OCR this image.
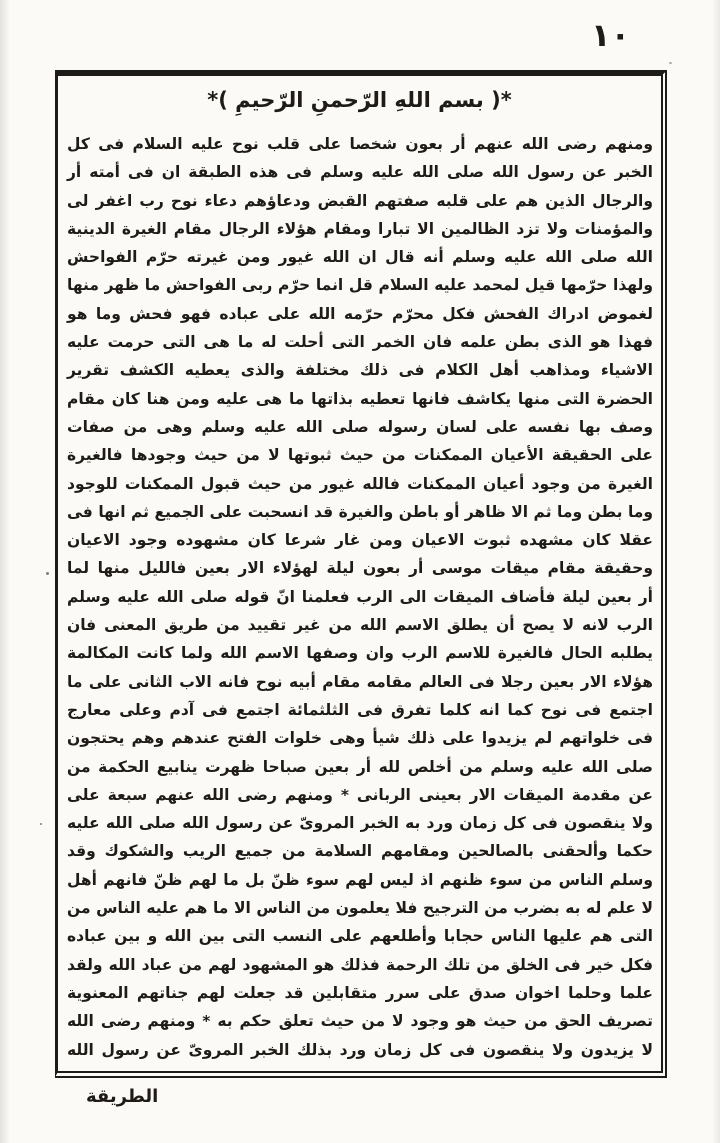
١٠
*( بسم اللهِ الرّحمنِ الرّحيمِ )*
ومنهم رضى الله عنهم أر بعون شخصا على قلب نوح عليه السلام فى كل
الخبر عن رسول الله صلى الله عليه وسلم فى هذه الطبقة ان فى أمته أر
والرجال الذين هم على قلبه صفتهم القبض ودعاؤهم دعاء نوح رب اغفر لى
والمؤمنات ولا تزد الظالمين الا تبارا ومقام هؤلاء الرجال مقام الغيرة الدينية
الله صلى الله عليه وسلم أنه قال ان الله غيور ومن غيرته حرّم الفواحش
ولهذا حرّمها قيل لمحمد عليه السلام قل انما حرّم ربى الفواحش ما ظهر منها
لغموض ادراك الفحش فكل محرّم حرّمه الله على عباده فهو فحش وما هو
فهذا هو الذى بطن علمه فان الخمر التى أحلت له ما هى التى حرمت عليه
الاشياء ومذاهب أهل الكلام فى ذلك مختلفة والذى يعطيه الكشف تقرير
الحضرة التى منها يكاشف فانها تعطيه بذاتها ما هى عليه ومن هنا كان مقام
وصف بها نفسه على لسان رسوله صلى الله عليه وسلم وهى من صفات
على الحقيقة الأعيان الممكنات من حيث ثبوتها لا من حيث وجودها فالغيرة
الغيرة من وجود أعيان الممكنات فالله غيور من حيث قبول الممكنات للوجود
وما بطن وما ثم الا ظاهر أو باطن والغيرة قد انسحبت على الجميع ثم انها فى
عقلا كان مشهده ثبوت الاعيان ومن غار شرعا كان مشهوده وجود الاعيان
وحقيقة مقام ميقات موسى أر بعون ليلة لهؤلاء الار بعين فالليل منها لما
أر بعين ليلة فأضاف الميقات الى الرب فعلمنا انّ قوله صلى الله عليه وسلم
الرب لانه لا يصح أن يطلق الاسم الله من غير تقييد من طريق المعنى فان
يطلبه الحال فالغيرة للاسم الرب وان وصفها الاسم الله ولما كانت المكالمة
هؤلاء الار بعين رجلا فى العالم مقامه مقام أبيه نوح فانه الاب الثانى على ما
اجتمع فى نوح كما انه كلما تفرق فى الثلثمائة اجتمع فى آدم وعلى معارج
فى خلواتهم لم يزيدوا على ذلك شيأ وهى خلوات الفتح عندهم وهم يحتجون
صلى الله عليه وسلم من أخلص لله أر بعين صباحا ظهرت ينابيع الحكمة من
عن مقدمة الميقات الار بعينى الربانى * ومنهم رضى الله عنهم سبعة على
ولا ينقصون فى كل زمان ورد به الخبر المروىّ عن رسول الله صلى الله عليه
حكما وألحقنى بالصالحين ومقامهم السلامة من جميع الريب والشكوك وقد
وسلم الناس من سوء ظنهم اذ ليس لهم سوء ظنّ بل ما لهم ظنّ فانهم أهل
لا علم له به بضرب من الترجيح فلا يعلمون من الناس الا ما هم عليه الناس من
التى هم عليها الناس حجابا وأطلعهم على النسب التى بين الله و بين عباده
فكل خير فى الخلق من تلك الرحمة فذلك هو المشهود لهم من عباد الله ولقد
علما وحلما اخوان صدق على سرر متقابلين قد جعلت لهم جناتهم المعنوية
تصريف الحق من حيث هو وجود لا من حيث تعلق حكم به * ومنهم رضى الله
لا يزيدون ولا ينقصون فى كل زمان ورد بذلك الخبر المروىّ عن رسول الله
الطريقة
